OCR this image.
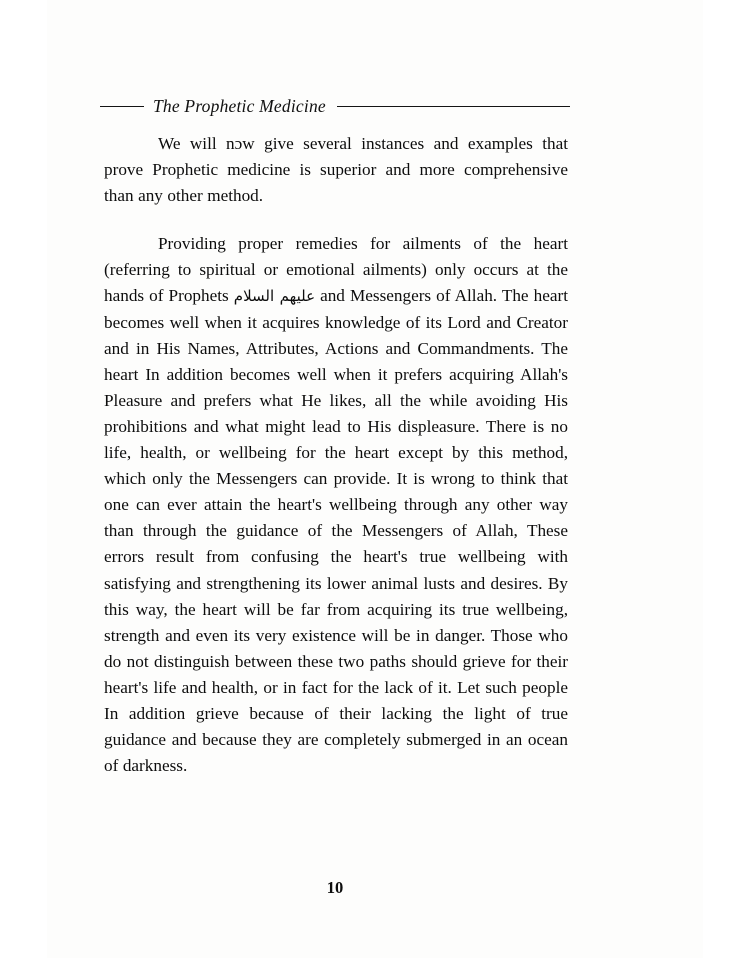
The Prophetic Medicine

We will nɔw give several instances and examples that prove Prophetic medicine is superior and more comprehensive than any other method.

Providing proper remedies for ailments of the heart (referring to spiritual or emotional ailments) only occurs at the hands of Prophets عليهم السلام and Messengers of Allah. The heart becomes well when it acquires knowledge of its Lord and Creator and in His Names, Attributes, Actions and Commandments. The heart In addition becomes well when it prefers acquiring Allah's Pleasure and prefers what He likes, all the while avoiding His prohibitions and what might lead to His displeasure. There is no life, health, or wellbeing for the heart except by this method, which only the Messengers can provide. It is wrong to think that one can ever attain the heart's wellbeing through any other way than through the guidance of the Messengers of Allah, These errors result from confusing the heart's true wellbeing with satisfying and strengthening its lower animal lusts and desires. By this way, the heart will be far from acquiring its true wellbeing, strength and even its very existence will be in danger. Those who do not distinguish between these two paths should grieve for their heart's life and health, or in fact for the lack of it. Let such people In addition grieve because of their lacking the light of true guidance and because they are completely submerged in an ocean of darkness.

10
